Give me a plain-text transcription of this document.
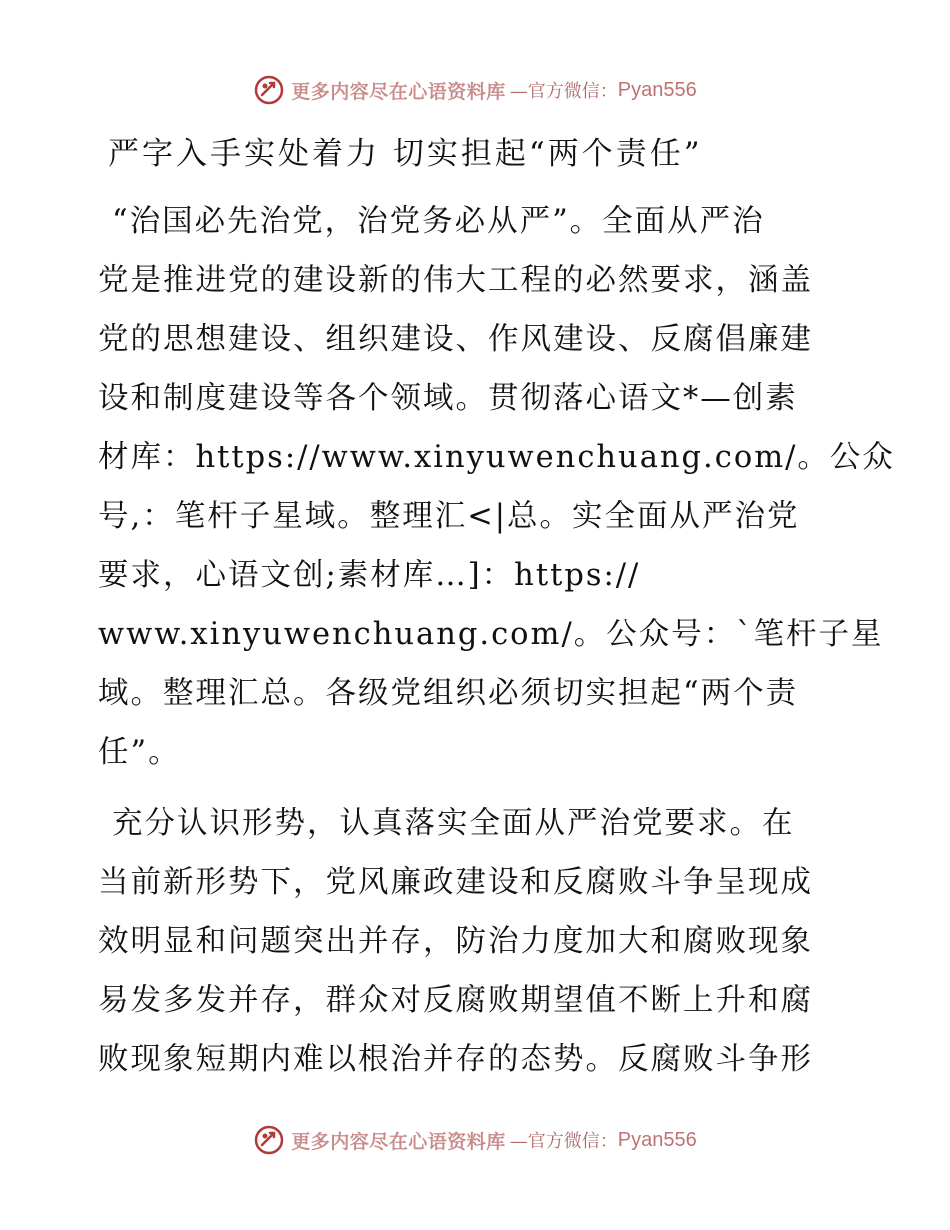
更多内容尽在心语资料库 —官方微信： Pyan556
严字入手实处着力 切实担起“两个责任”
“治国必先治党，治党务必从严”。全面从严治
党是推进党的建设新的伟大工程的必然要求，涵盖
党的思想建设、组织建设、作风建设、反腐倡廉建
设和制度建设等各个领域。贯彻落心语文*—创素
材库：https://www.xinyuwenchuang.com/。公众
号,：笔杆子星域。整理汇<|总。实全面从严治党
要求，心语文创;素材库…]：https://
www.xinyuwenchuang.com/。公众号：`笔杆子星
域。整理汇总。各级党组织必须切实担起“两个责
任”。
充分认识形势，认真落实全面从严治党要求。在
当前新形势下，党风廉政建设和反腐败斗争呈现成
效明显和问题突出并存，防治力度加大和腐败现象
易发多发并存，群众对反腐败期望值不断上升和腐
败现象短期内难以根治并存的态势。反腐败斗争形
更多内容尽在心语资料库 —官方微信： Pyan556
